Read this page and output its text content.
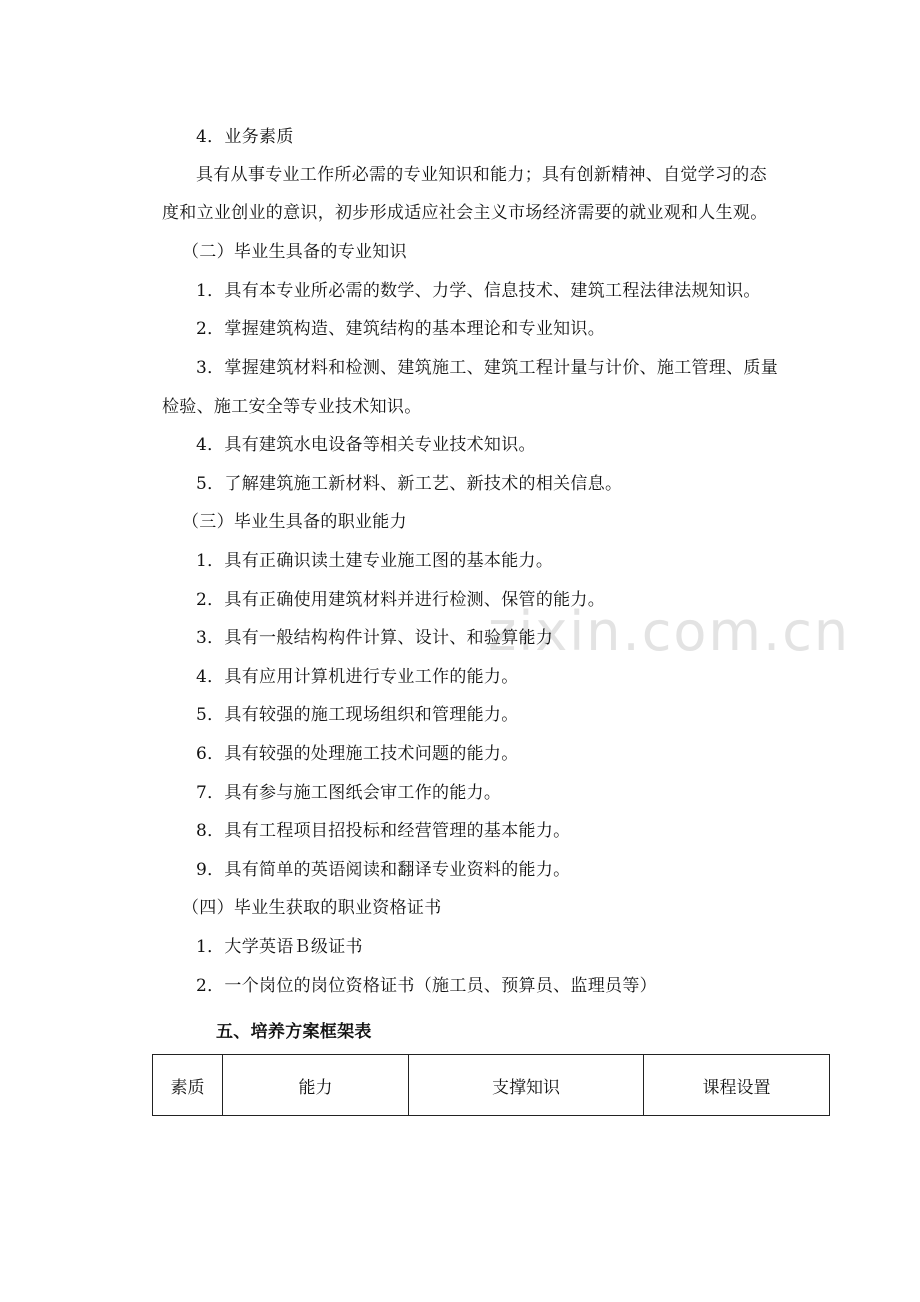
zixin.com.cn
4．业务素质
具有从事专业工作所必需的专业知识和能力；具有创新精神、自觉学习的态
度和立业创业的意识，初步形成适应社会主义市场经济需要的就业观和人生观。
（二）毕业生具备的专业知识
1．具有本专业所必需的数学、力学、信息技术、建筑工程法律法规知识。
2．掌握建筑构造、建筑结构的基本理论和专业知识。
3．掌握建筑材料和检测、建筑施工、建筑工程计量与计价、施工管理、质量
检验、施工安全等专业技术知识。
4．具有建筑水电设备等相关专业技术知识。
5．了解建筑施工新材料、新工艺、新技术的相关信息。
（三）毕业生具备的职业能力
1．具有正确识读土建专业施工图的基本能力。
2．具有正确使用建筑材料并进行检测、保管的能力。
3．具有一般结构构件计算、设计、和验算能力
4．具有应用计算机进行专业工作的能力。
5．具有较强的施工现场组织和管理能力。
6．具有较强的处理施工技术问题的能力。
7．具有参与施工图纸会审工作的能力。
8．具有工程项目招投标和经营管理的基本能力。
9．具有简单的英语阅读和翻译专业资料的能力。
（四）毕业生获取的职业资格证书
1．大学英语Ｂ级证书
2．一个岗位的岗位资格证书（施工员、预算员、监理员等）
五、培养方案框架表
素质	能力	支撑知识	课程设置
